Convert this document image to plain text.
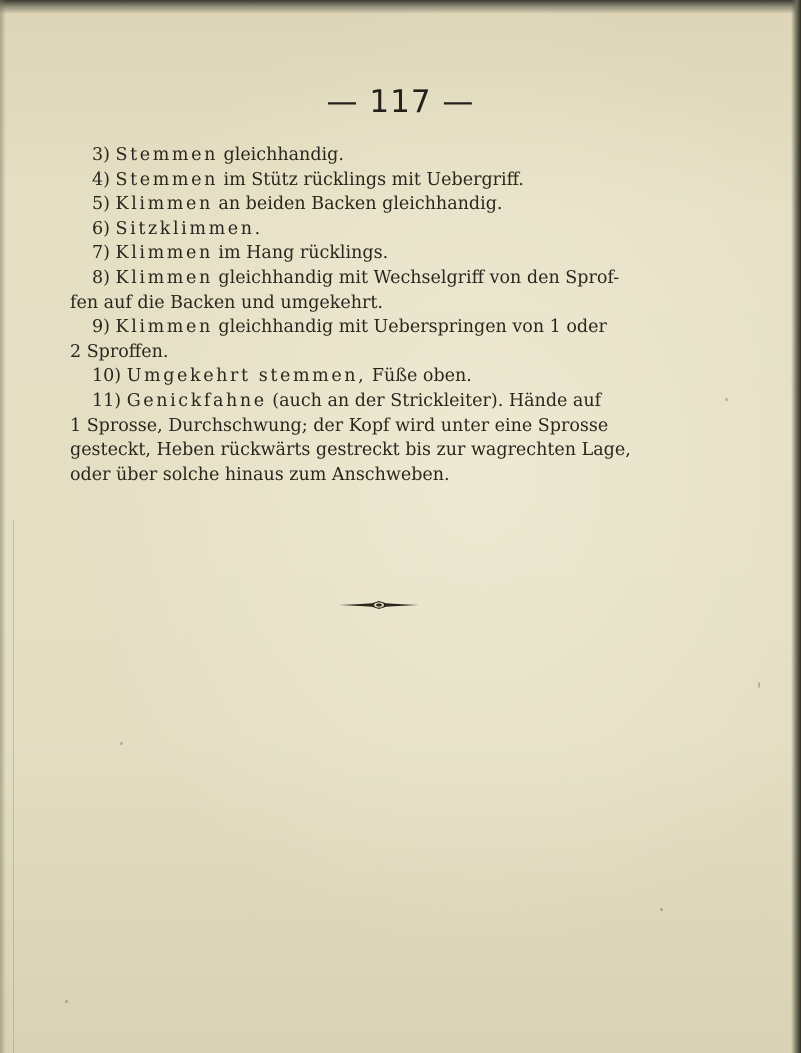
— 117 —
3) Stemmen gleichhandig.
4) Stemmen im Stütz rücklings mit Uebergriff.
5) Klimmen an beiden Backen gleichhandig.
6) Sitzklimmen.
7) Klimmen im Hang rücklings.
8) Klimmen gleichhandig mit Wechselgriff von den Sprof-
fen auf die Backen und umgekehrt.
9) Klimmen gleichhandig mit Ueberspringen von 1 oder
2 Sproffen.
10) Umgekehrt stemmen, Füße oben.
11) Genickfahne (auch an der Strickleiter). Hände auf
1 Sprosse, Durchschwung; der Kopf wird unter eine Sprosse
gesteckt, Heben rückwärts gestreckt bis zur wagrechten Lage,
oder über solche hinaus zum Anschweben.
